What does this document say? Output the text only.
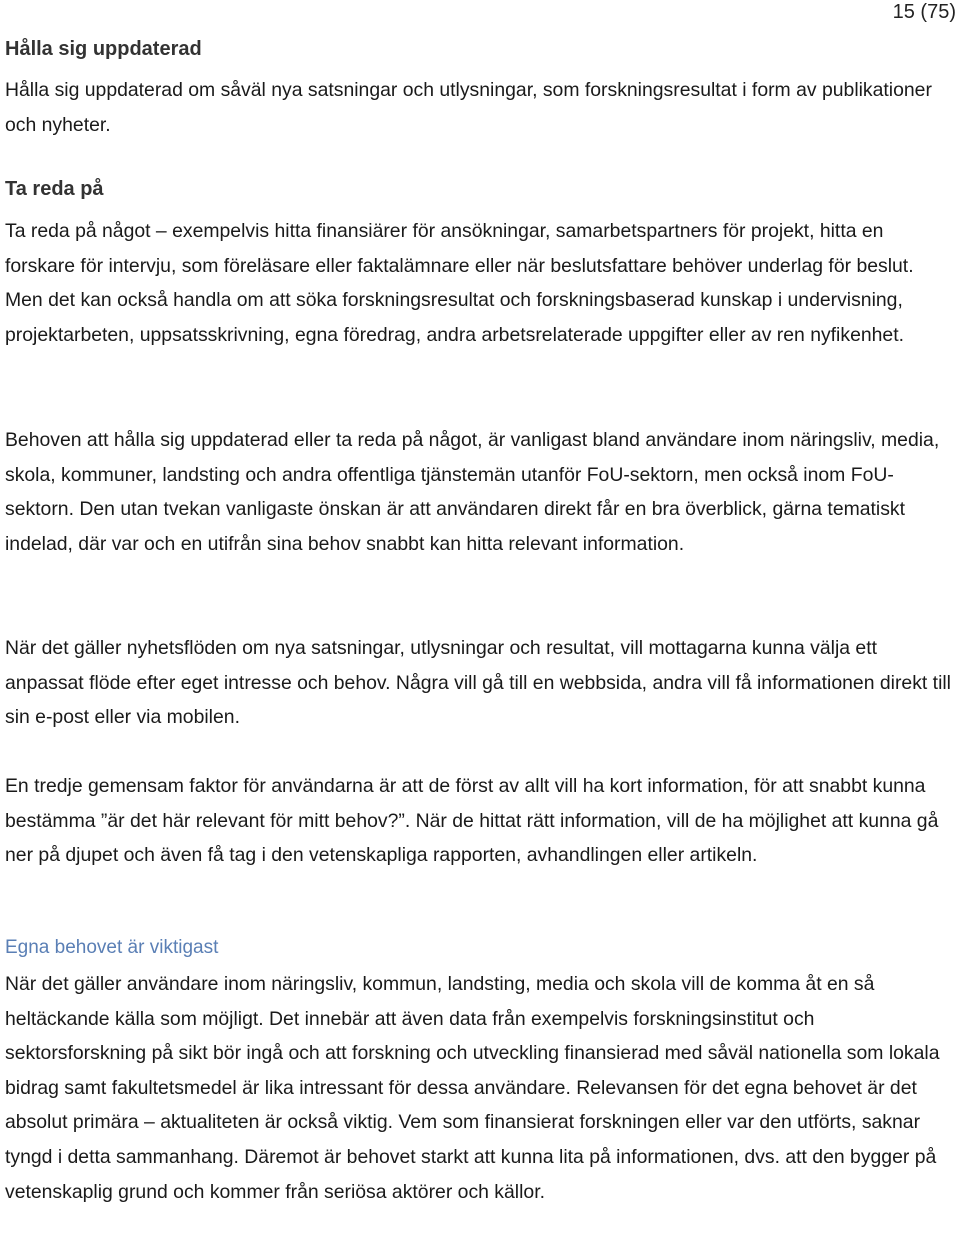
15 (75)
Hålla sig uppdaterad

Hålla sig uppdaterad om såväl nya satsningar och utlysningar, som forskningsresultat i form av publikationer och nyheter.

Ta reda på

Ta reda på något – exempelvis hitta finansiärer för ansökningar, samarbetspartners för projekt, hitta en forskare för intervju, som föreläsare eller faktalämnare eller när beslutsfattare behöver underlag för beslut. Men det kan också handla om att söka forskningsresultat och forskningsbaserad kunskap i undervisning, projektarbeten, uppsatsskrivning, egna föredrag, andra arbetsrelaterade uppgifter eller av ren nyfikenhet.

Behoven att hålla sig uppdaterad eller ta reda på något, är vanligast bland användare inom näringsliv, media, skola, kommuner, landsting och andra offentliga tjänstemän utanför FoU-sektorn, men också inom FoU-sektorn. Den utan tvekan vanligaste önskan är att användaren direkt får en bra överblick, gärna tematiskt indelad, där var och en utifrån sina behov snabbt kan hitta relevant information.

När det gäller nyhetsflöden om nya satsningar, utlysningar och resultat, vill mottagarna kunna välja ett anpassat flöde efter eget intresse och behov. Några vill gå till en webbsida, andra vill få informationen direkt till sin e-post eller via mobilen.

En tredje gemensam faktor för användarna är att de först av allt vill ha kort information, för att snabbt kunna bestämma ”är det här relevant för mitt behov?”. När de hittat rätt information, vill de ha möjlighet att kunna gå ner på djupet och även få tag i den vetenskapliga rapporten, avhandlingen eller artikeln.

Egna behovet är viktigast

När det gäller användare inom näringsliv, kommun, landsting, media och skola vill de komma åt en så heltäckande källa som möjligt. Det innebär att även data från exempelvis forskningsinstitut och sektorsforskning på sikt bör ingå och att forskning och utveckling finansierad med såväl nationella som lokala bidrag samt fakultetsmedel är lika intressant för dessa användare. Relevansen för det egna behovet är det absolut primära – aktualiteten är också viktig. Vem som finansierat forskningen eller var den utförts, saknar tyngd i detta sammanhang. Däremot är behovet starkt att kunna lita på informationen, dvs. att den bygger på vetenskaplig grund och kommer från seriösa aktörer och källor.
